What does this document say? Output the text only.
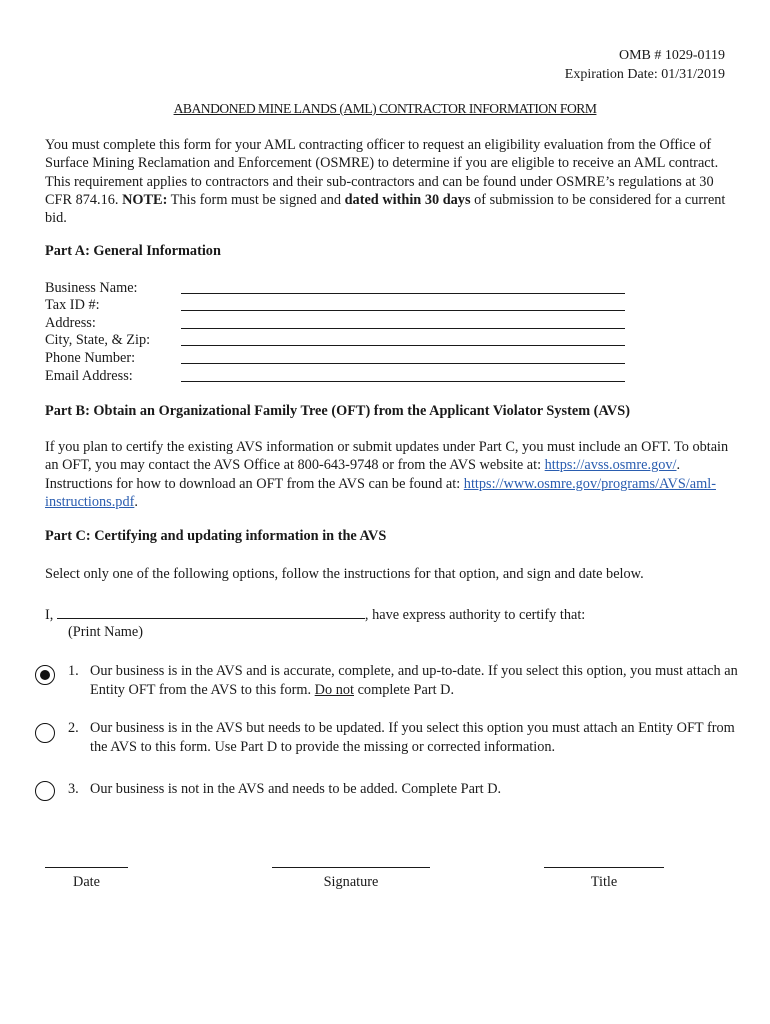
OMB # 1029-0119
Expiration Date: 01/31/2019
ABANDONED MINE LANDS (AML) CONTRACTOR INFORMATION FORM
You must complete this form for your AML contracting officer to request an eligibility evaluation from the Office of Surface Mining Reclamation and Enforcement (OSMRE) to determine if you are eligible to receive an AML contract. This requirement applies to contractors and their sub-contractors and can be found under OSMRE’s regulations at 30 CFR 874.16. NOTE: This form must be signed and dated within 30 days of submission to be considered for a current bid.
Part A: General Information
Business Name:
Tax ID #:
Address:
City, State, & Zip:
Phone Number:
Email Address:
Part B: Obtain an Organizational Family Tree (OFT) from the Applicant Violator System (AVS)
If you plan to certify the existing AVS information or submit updates under Part C, you must include an OFT. To obtain an OFT, you may contact the AVS Office at 800-643-9748 or from the AVS website at: https://avss.osmre.gov/. Instructions for how to download an OFT from the AVS can be found at: https://www.osmre.gov/programs/AVS/aml-instructions.pdf.
Part C: Certifying and updating information in the AVS
Select only one of the following options, follow the instructions for that option, and sign and date below.
I,	, have express authority to certify that:
(Print Name)
1. Our business is in the AVS and is accurate, complete, and up-to-date. If you select this option, you must attach an Entity OFT from the AVS to this form. Do not complete Part D.
2. Our business is in the AVS but needs to be updated. If you select this option you must attach an Entity OFT from the AVS to this form. Use Part D to provide the missing or corrected information.
3. Our business is not in the AVS and needs to be added. Complete Part D.
Date	Signature	Title
